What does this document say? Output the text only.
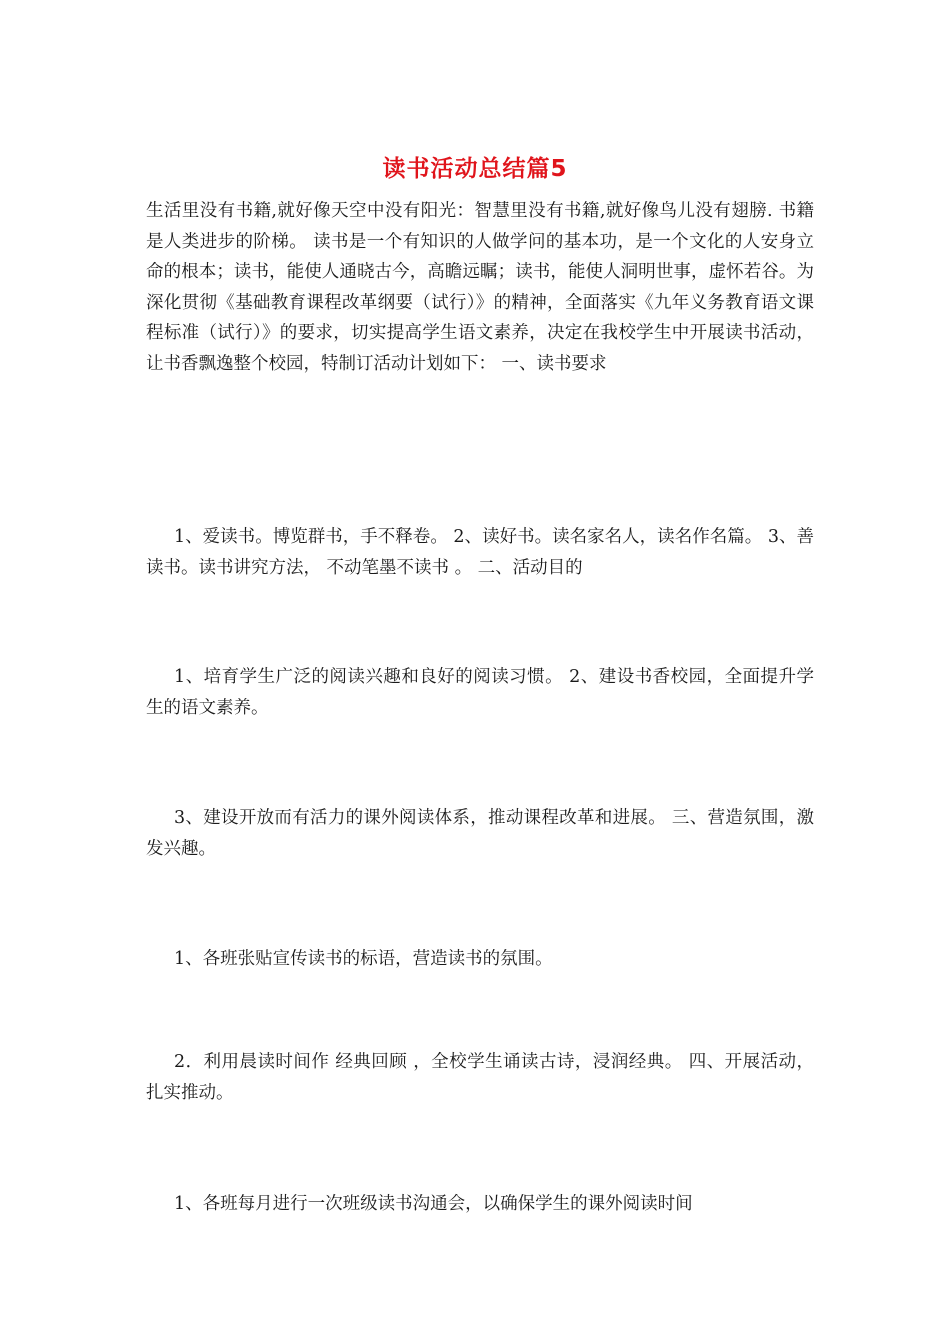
读书活动总结篇5
生活里没有书籍,就好像天空中没有阳光：智慧里没有书籍,就好像鸟儿没有翅膀. 书籍是人类进步的阶梯。 读书是一个有知识的人做学问的基本功，是一个文化的人安身立命的根本；读书，能使人通晓古今，高瞻远瞩；读书，能使人洞明世事，虚怀若谷。为深化贯彻《基础教育课程改革纲要（试行）》的精神，全面落实《九年义务教育语文课程标准（试行）》的要求，切实提高学生语文素养，决定在我校学生中开展读书活动，让书香飘逸整个校园，特制订活动计划如下： 一、读书要求
1、爱读书。博览群书，手不释卷。 2、读好书。读名家名人，读名作名篇。 3、善读书。读书讲究方法， 不动笔墨不读书 。 二、活动目的
1、培育学生广泛的阅读兴趣和良好的阅读习惯。 2、建设书香校园，全面提升学生的语文素养。
3、建设开放而有活力的课外阅读体系，推动课程改革和进展。 三、营造氛围，激发兴趣。
1、各班张贴宣传读书的标语，营造读书的氛围。
2．利用晨读时间作 经典回顾 ，全校学生诵读古诗，浸润经典。 四、开展活动，扎实推动。
1、各班每月进行一次班级读书沟通会，以确保学生的课外阅读时间
